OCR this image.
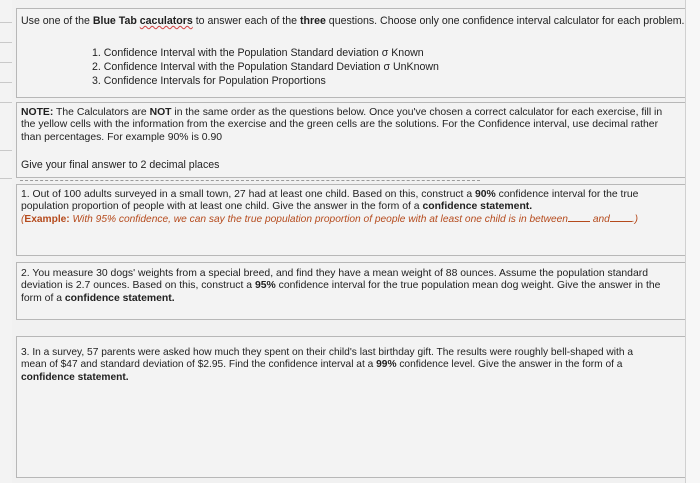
Use one of the Blue Tab caculators to answer each of the three questions. Choose only one confidence interval calculator for each problem.
1. Confidence Interval with the Population Standard deviation σ Known
2. Confidence Interval with the Population Standard Deviation σ UnKnown
3. Confidence Intervals for Population Proportions
NOTE: The Calculators are NOT in the same order as the questions below. Once you've chosen a correct calculator for each exercise, fill in the yellow cells with the information from the exercise and the green cells are the solutions. For the Confidence interval, use decimal rather than percentages. For example 90% is 0.90
Give your final answer to 2 decimal places
1. Out of 100 adults surveyed in a small town, 27 had at least one child. Based on this, construct a 90% confidence interval for the true population proportion of people with at least one child. Give the answer in the form of a confidence statement.
(Example: With 95% confidence, we can say the true population proportion of people with at least one child is in between and .)
2. You measure 30 dogs' weights from a special breed, and find they have a mean weight of 88 ounces. Assume the population standard deviation is 2.7 ounces. Based on this, construct a 95% confidence interval for the true population mean dog weight. Give the answer in the form of a confidence statement.
3. In a survey, 57 parents were asked how much they spent on their child's last birthday gift. The results were roughly bell-shaped with a mean of $47 and standard deviation of $2.95. Find the confidence interval at a 99% confidence level. Give the answer in the form of a confidence statement.
